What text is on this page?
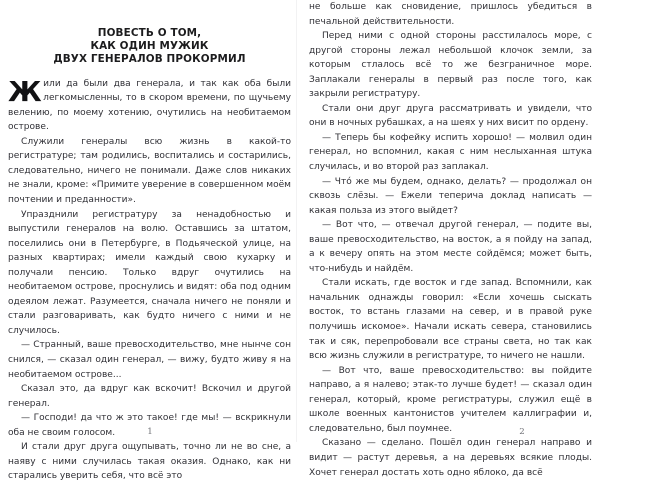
ПОВЕСТЬ О ТОМ,
КАК ОДИН МУЖИК
ДВУХ ГЕНЕРАЛОВ ПРОКОРМИЛ

Жили да были два генерала, и так как оба были легкомысленны, то в скором времени, по щучьему велению, по моему хотению, очутились на необитаемом острове.

Служили генералы всю жизнь в какой-то регистратуре; там родились, воспитались и состарились, следовательно, ничего не понимали. Даже слов никаких не знали, кроме: «Примите уверение в совершенном моём почтении и преданности».

Упразднили регистратуру за ненадобностью и выпустили генералов на волю. Оставшись за штатом, поселились они в Петербурге, в Подьяческой улице, на разных квартирах; имели каждый свою кухарку и получали пенсию. Только вдруг очутились на необитаемом острове, проснулись и видят: оба под одним одеялом лежат. Разумеется, сначала ничего не поняли и стали разговаривать, как будто ничего с ними и не случилось.

— Странный, ваше превосходительство, мне нынче сон снился, — сказал один генерал, — вижу, будто живу я на необитаемом острове...

Сказал это, да вдруг как вскочит! Вскочил и другой генерал.

— Господи! да что ж это такое! где мы! — вскрикнули оба не своим голосом.

И стали друг друга ощупывать, точно ли не во сне, а наяву с ними случилась такая оказия. Однако, как ни старались уверить себя, что всё это

1

не больше как сновидение, пришлось убедиться в печальной действительности.

Перед ними с одной стороны расстилалось море, с другой стороны лежал небольшой клочок земли, за которым стлалось всё то же безграничное море. Заплакали генералы в первый раз после того, как закрыли регистратуру.

Стали они друг друга рассматривать и увидели, что они в ночных рубашках, а на шеях у них висит по ордену.

— Теперь бы кофейку испить хорошо! — молвил один генерал, но вспомнил, какая с ним неслыханная штука случилась, и во второй раз заплакал.

— Что́ же мы будем, однако, делать? — продолжал он сквозь слёзы. — Ежели теперича доклад написать — какая польза из этого выйдет?

— Вот что, — отвечал другой генерал, — подите вы, ваше превосходительство, на восток, а я пойду на запад, а к вечеру опять на этом месте сойдёмся; может быть, что-нибудь и найдём.

Стали искать, где восток и где запад. Вспомнили, как начальник однажды говорил: «Если хочешь сыскать восток, то встань глазами на север, и в правой руке получишь искомое». Начали искать севера, становились так и сяк, перепробовали все страны света, но так как всю жизнь служили в регистратуре, то ничего не нашли.

— Вот что, ваше превосходительство: вы пойдите направо, а я налево; этак-то лучше будет! — сказал один генерал, который, кроме регистратуры, служил ещё в школе военных кантонистов учителем каллиграфии и, следовательно, был поумнее.

Сказано — сделано. Пошёл один генерал направо и видит — растут деревья, а на деревьях всякие плоды. Хочет генерал достать хоть одно яблоко, да всё

2
